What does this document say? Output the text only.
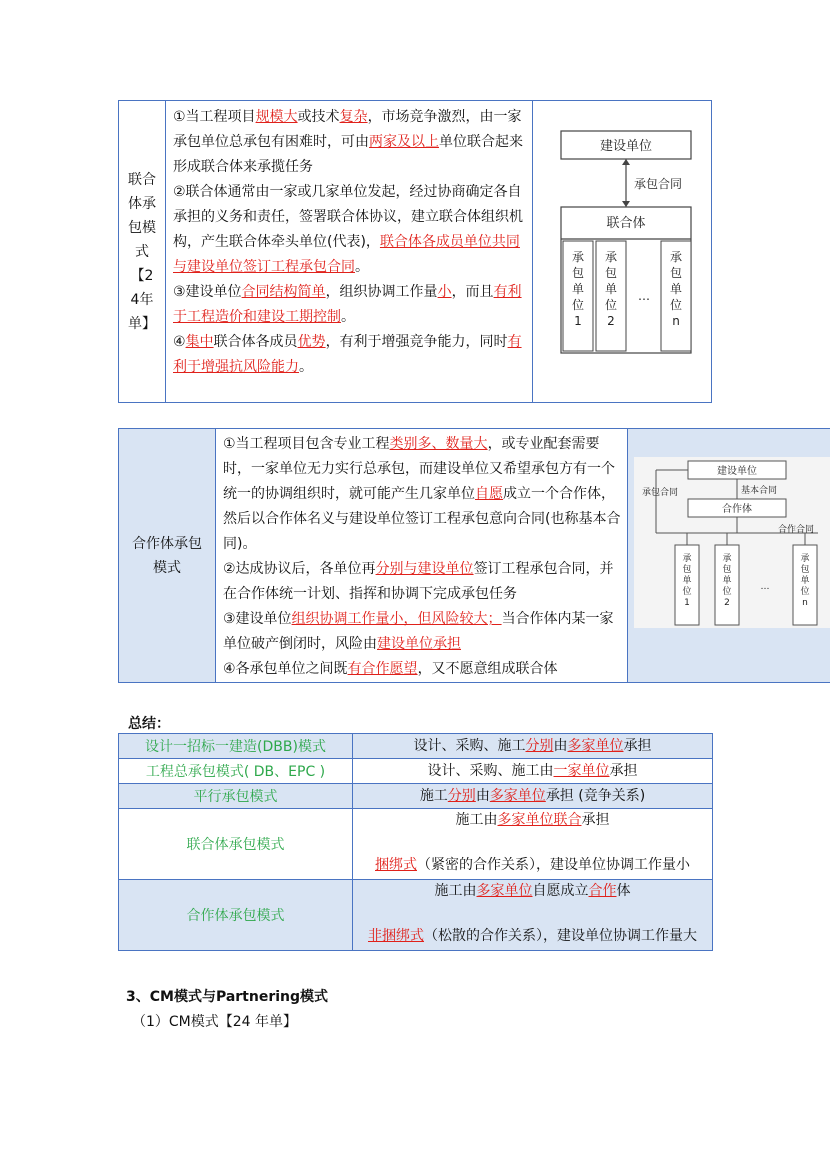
联合体承包模式【24年单】
①当工程项目规模大或技术复杂，市场竞争激烈，由一家承包单位总承包有困难时，可由两家及以上单位联合起来形成联合体来承揽任务
②联合体通常由一家或几家单位发起，经过协商确定各自承担的义务和责任，签署联合体协议，建立联合体组织机构，产生联合体牵头单位(代表)，联合体各成员单位共同与建设单位签订工程承包合同。
③建设单位合同结构简单，组织协调工作量小，而且有利于工程造价和建设工期控制。
④集中联合体各成员优势，有利于增强竞争能力，同时有利于增强抗风险能力。
建设单位
承包合同
联合体
承包单位 1
承包单位 2
…
承包单位 n
合作体承包模式
①当工程项目包含专业工程类别多、数量大，或专业配套需要时，一家单位无力实行总承包，而建设单位又希望承包方有一个统一的协调组织时，就可能产生几家单位自愿成立一个合作体，然后以合作体名义与建设单位签订工程承包意向合同(也称基本合同)。
②达成协议后，各单位再分别与建设单位签订工程承包合同，并在合作体统一计划、指挥和协调下完成承包任务
③建设单位组织协调工作量小，但风险较大；当合作体内某一家单位破产倒闭时，风险由建设单位承担
④各承包单位之间既有合作愿望，又不愿意组成联合体
建设单位
基本合同
合作体
承包合同
合作合同
承包单位 1
承包单位 2
…
承包单位 n
总结：
设计一招标一建造(DBB)模式	设计、采购、施工分别由多家单位承担

工程总承包模式( DB、EPC )	设计、采购、施工由一家单位承担

平行承包模式	施工分别由多家单位承担 (竞争关系)

联合体承包模式	施工由多家单位联合承担
捆绑式（紧密的合作关系），建设单位协调工作量小

合作体承包模式	施工由多家单位自愿成立合作体
非捆绑式（松散的合作关系），建设单位协调工作量大
3、CM模式与Partnering模式
（1）CM模式【24 年单】
